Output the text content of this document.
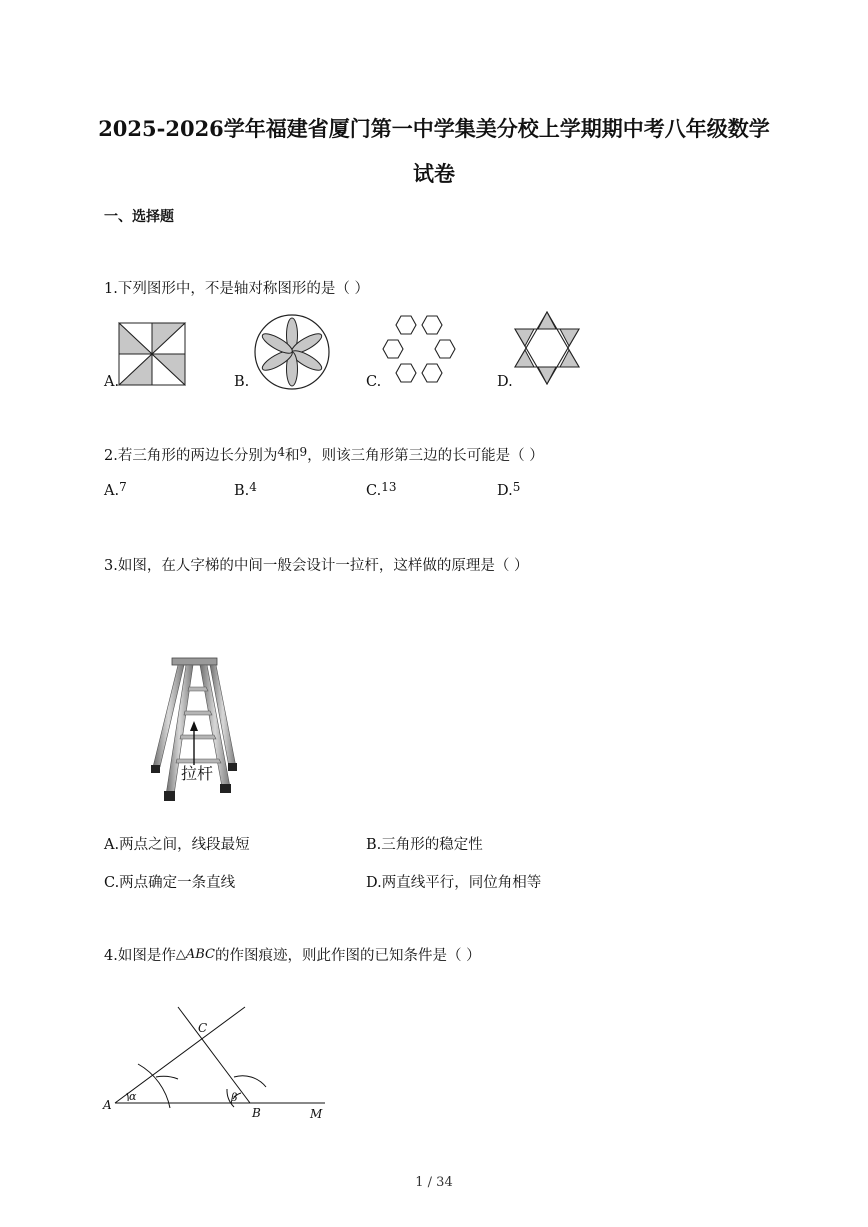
2025-2026学年福建省厦门第一中学集美分校上学期期中考八年级数学
试卷
一、选择题
1.下列图形中，不是轴对称图形的是（ ）
A.	B.	C.	D.
2.若三角形的两边长分别为$^4$和$^9$，则该三角形第三边的长可能是（ ）
A.$^7$	B.$^4$	C.$^{13}$	D.$^5$
3.如图，在人字梯的中间一般会设计一拉杆，这样做的原理是（ ）
拉杆
A.两点之间，线段最短	B.三角形的稳定性
C.两点确定一条直线	D.两直线平行，同位角相等
4.如图是作△ABC的作图痕迹，则此作图的已知条件是（ ）
A
B
C
M
α	β
1 / 34
